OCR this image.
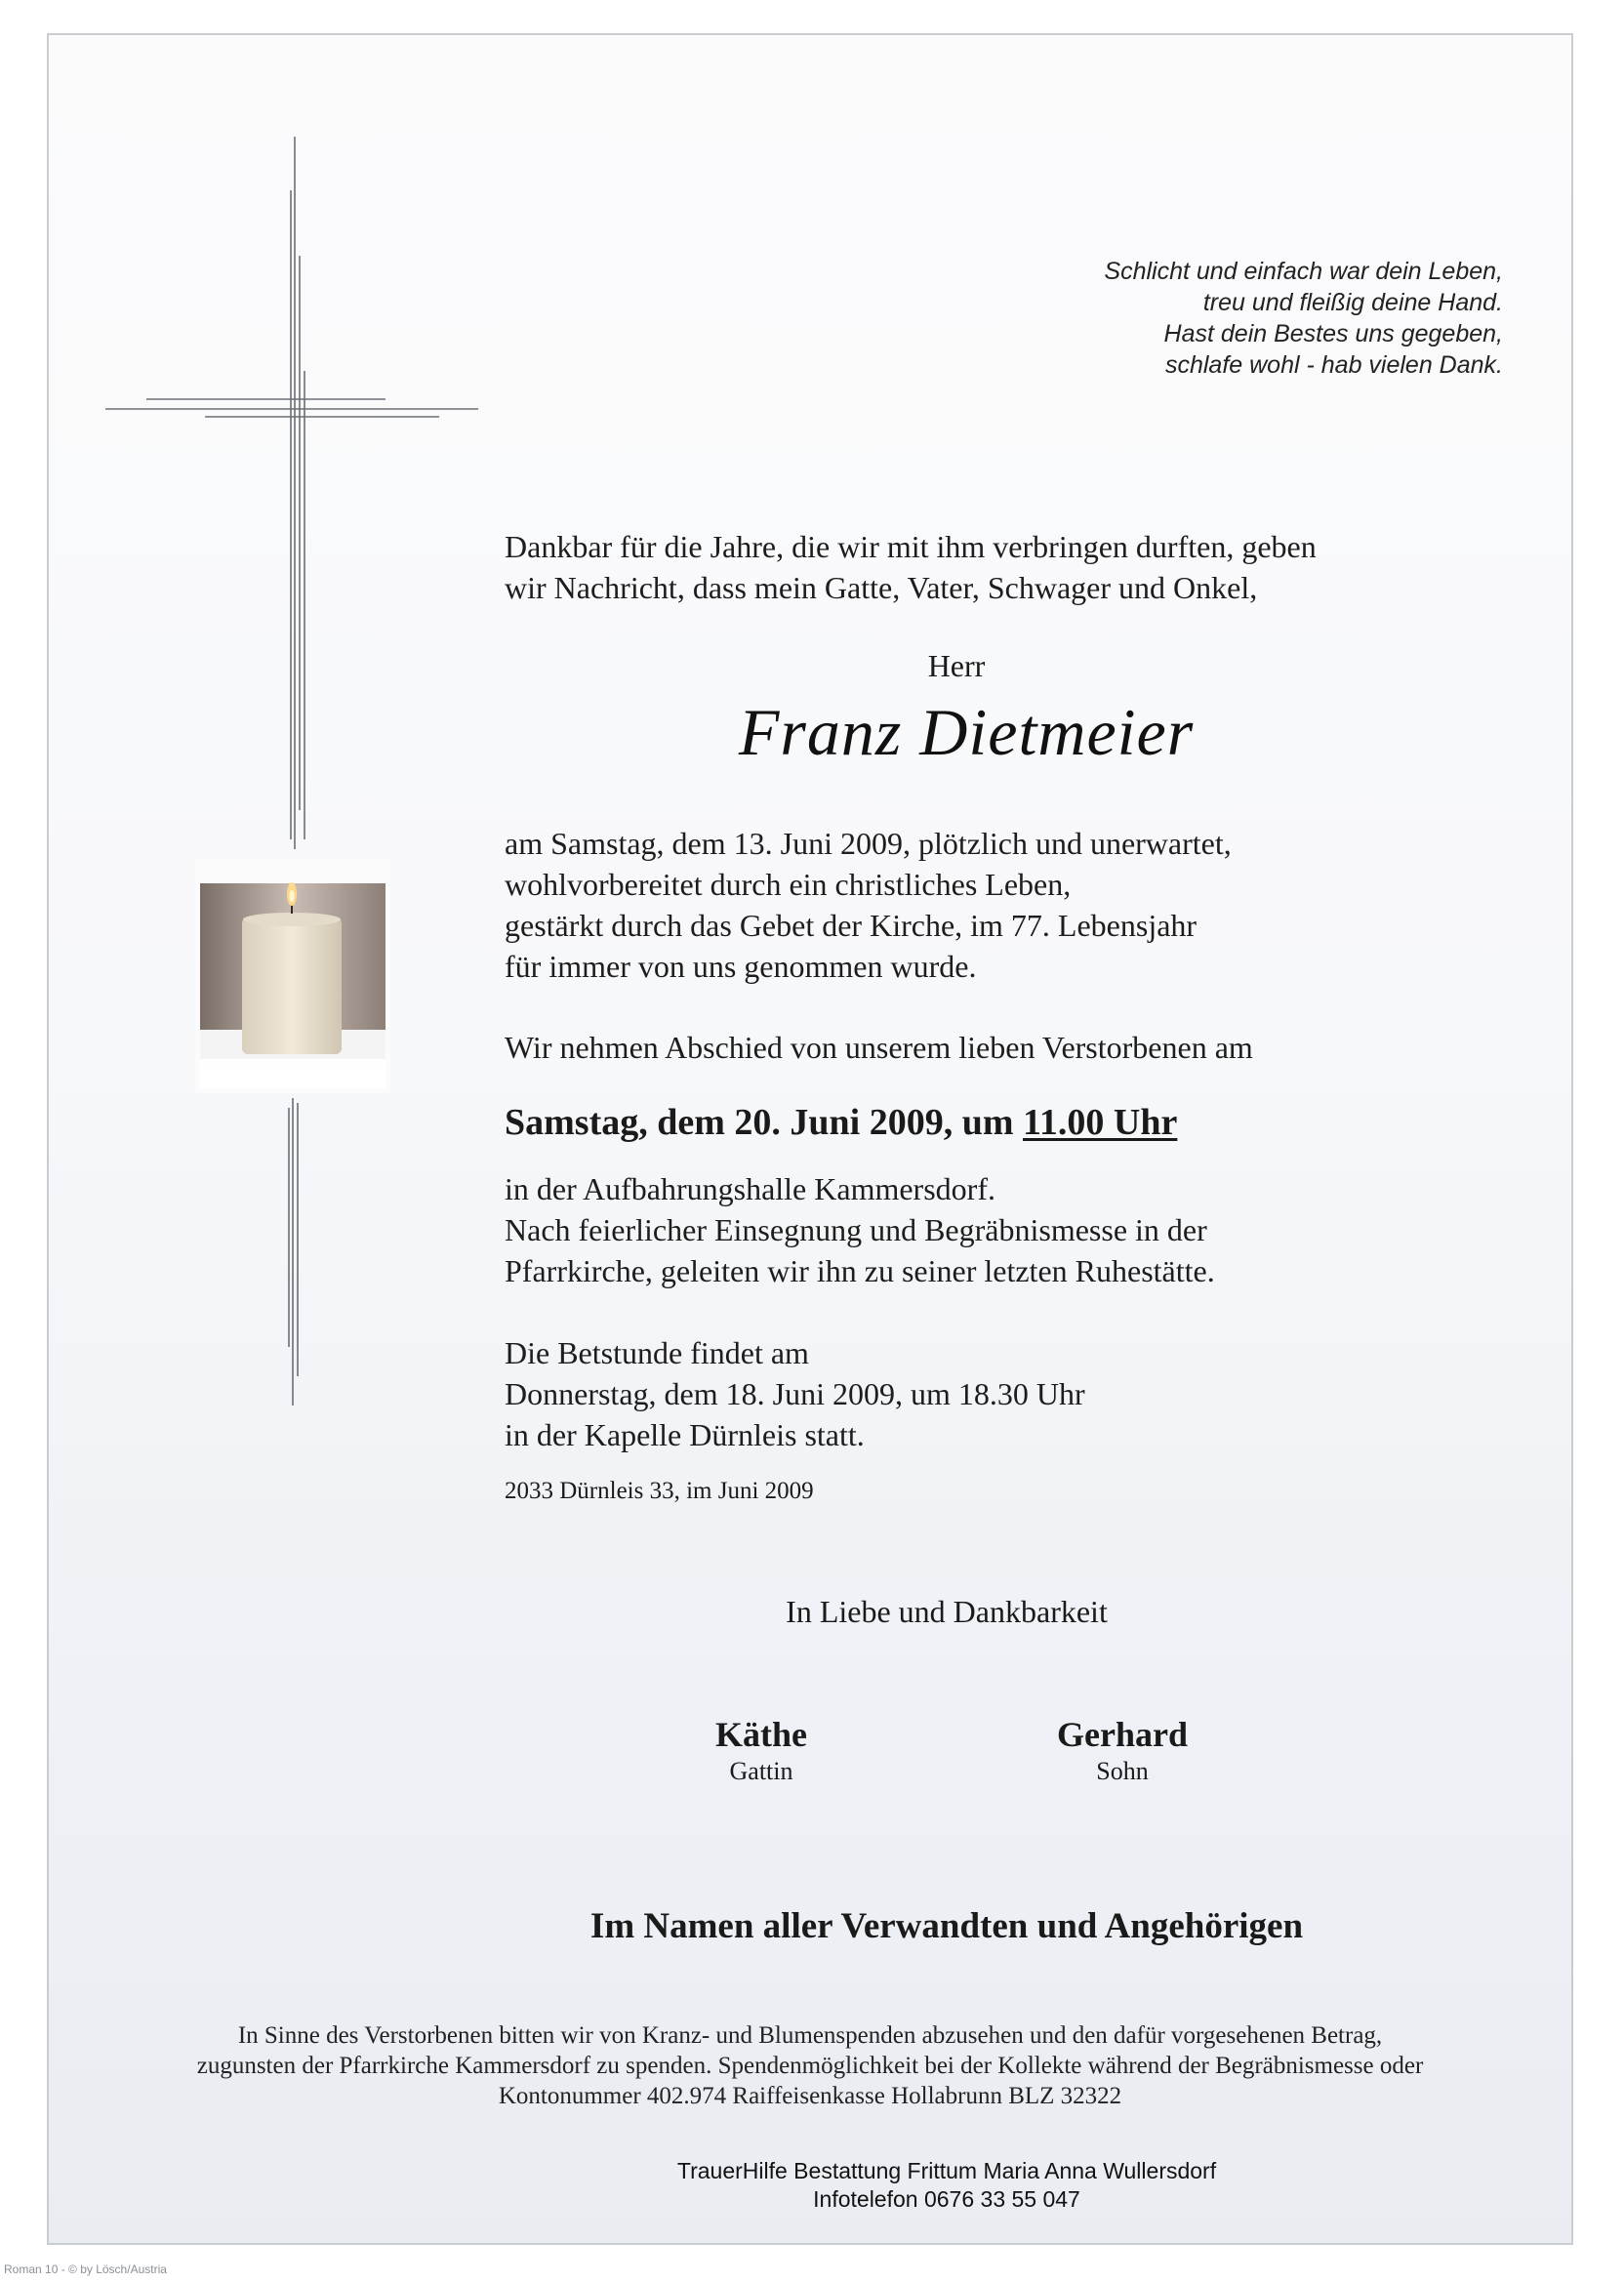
Schlicht und einfach war dein Leben,
treu und fleißig deine Hand.
Hast dein Bestes uns gegeben,
schlafe wohl - hab vielen Dank.
Dankbar für die Jahre, die wir mit ihm verbringen durften, geben
wir Nachricht, dass mein Gatte, Vater, Schwager und Onkel,
Herr
Franz Dietmeier
am Samstag, dem 13. Juni 2009, plötzlich und unerwartet,
wohlvorbereitet durch ein christliches Leben,
gestärkt durch das Gebet der Kirche, im 77. Lebensjahr
für immer von uns genommen wurde.
Wir nehmen Abschied von unserem lieben Verstorbenen am
Samstag, dem 20. Juni 2009, um 11.00 Uhr
in der Aufbahrungshalle Kammersdorf.
Nach feierlicher Einsegnung und Begräbnismesse in der
Pfarrkirche, geleiten wir ihn zu seiner letzten Ruhestätte.
Die Betstunde findet am
Donnerstag, dem 18. Juni 2009, um 18.30 Uhr
in der Kapelle Dürnleis statt.
2033 Dürnleis 33, im Juni 2009
In Liebe und Dankbarkeit
Käthe
Gattin
Gerhard
Sohn
Im Namen aller Verwandten und Angehörigen
In Sinne des Verstorbenen bitten wir von Kranz- und Blumenspenden abzusehen und den dafür vorgesehenen Betrag,
zugunsten der Pfarrkirche Kammersdorf zu spenden. Spendenmöglichkeit bei der Kollekte während der Begräbnismesse oder
Kontonummer 402.974 Raiffeisenkasse Hollabrunn BLZ 32322
TrauerHilfe Bestattung Frittum Maria Anna Wullersdorf
Infotelefon 0676 33 55 047
Roman 10 - © by Lösch/Austria
